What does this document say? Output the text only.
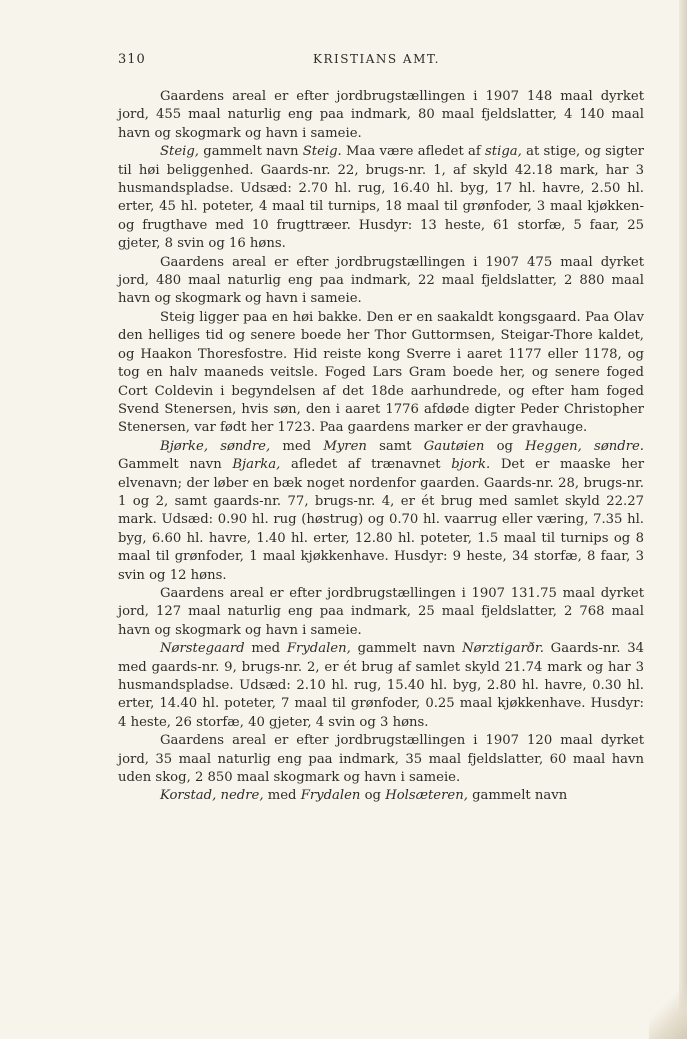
310	KRISTIANS AMT.

Gaardens areal er efter jordbrugstællingen i 1907 148 maal dyrket jord, 455 maal naturlig eng paa indmark, 80 maal fjeldslatter, 4 140 maal havn og skogmark og havn i sameie.

Steig, gammelt navn Steig. Maa være afledet af stiga, at stige, og sigter til høi beliggenhed. Gaards-nr. 22, brugs-nr. 1, af skyld 42.18 mark, har 3 husmandspladse. Udsæd: 2.70 hl. rug, 16.40 hl. byg, 17 hl. havre, 2.50 hl. erter, 45 hl. poteter, 4 maal til turnips, 18 maal til grønfoder, 3 maal kjøkken- og frugthave med 10 frugttræer. Husdyr: 13 heste, 61 storfæ, 5 faar, 25 gjeter, 8 svin og 16 høns.

Gaardens areal er efter jordbrugstællingen i 1907 475 maal dyrket jord, 480 maal naturlig eng paa indmark, 22 maal fjeldslatter, 2 880 maal havn og skogmark og havn i sameie.

Steig ligger paa en høi bakke. Den er en saakaldt kongsgaard. Paa Olav den helliges tid og senere boede her Thor Guttormsen, Steigar-Thore kaldet, og Haakon Thoresfostre. Hid reiste kong Sverre i aaret 1177 eller 1178, og tog en halv maaneds veitsle. Foged Lars Gram boede her, og senere foged Cort Coldevin i begyndelsen af det 18de aarhundrede, og efter ham foged Svend Stenersen, hvis søn, den i aaret 1776 afdøde digter Peder Christopher Stenersen, var født her 1723. Paa gaardens marker er der gravhauge.

Bjørke, søndre, med Myren samt Gautøien og Heggen, søndre. Gammelt navn Bjarka, afledet af trænavnet bjork. Det er maaske her elvenavn; der løber en bæk noget nordenfor gaarden. Gaards-nr. 28, brugs-nr. 1 og 2, samt gaards-nr. 77, brugs-nr. 4, er ét brug med samlet skyld 22.27 mark. Udsæd: 0.90 hl. rug (høstrug) og 0.70 hl. vaarrug eller væring, 7.35 hl. byg, 6.60 hl. havre, 1.40 hl. erter, 12.80 hl. poteter, 1.5 maal til turnips og 8 maal til grønfoder, 1 maal kjøkkenhave. Husdyr: 9 heste, 34 storfæ, 8 faar, 3 svin og 12 høns.

Gaardens areal er efter jordbrugstællingen i 1907 131.75 maal dyrket jord, 127 maal naturlig eng paa indmark, 25 maal fjeldslatter, 2 768 maal havn og skogmark og havn i sameie.

Nørstegaard med Frydalen, gammelt navn Nørztigarðr. Gaards-nr. 34 med gaards-nr. 9, brugs-nr. 2, er ét brug af samlet skyld 21.74 mark og har 3 husmandspladse. Udsæd: 2.10 hl. rug, 15.40 hl. byg, 2.80 hl. havre, 0.30 hl. erter, 14.40 hl. poteter, 7 maal til grønfoder, 0.25 maal kjøkkenhave. Husdyr: 4 heste, 26 storfæ, 40 gjeter, 4 svin og 3 høns.

Gaardens areal er efter jordbrugstællingen i 1907 120 maal dyrket jord, 35 maal naturlig eng paa indmark, 35 maal fjeldslatter, 60 maal havn uden skog, 2 850 maal skogmark og havn i sameie.

Korstad, nedre, med Frydalen og Holsæteren, gammelt navn
